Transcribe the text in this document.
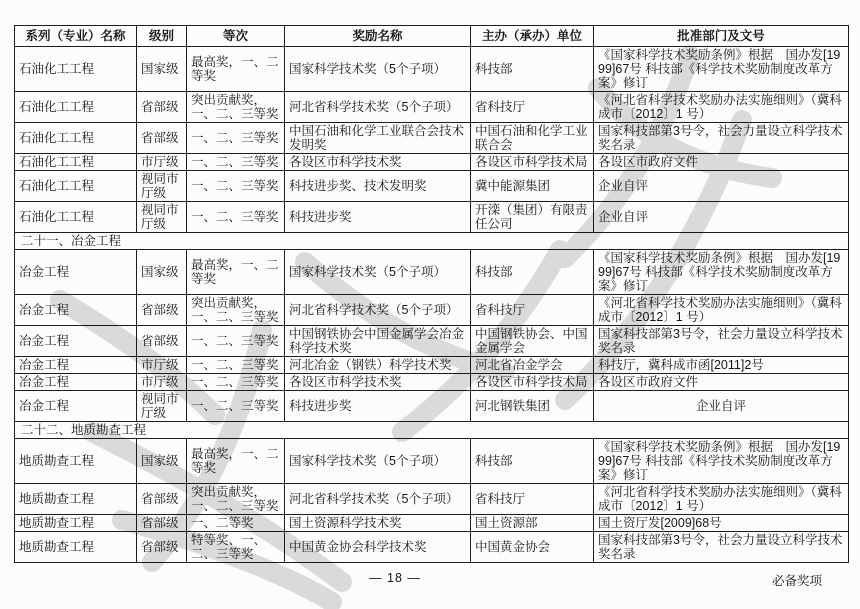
系列（专业）名称	级别	等次	奖励名称	主办（承办）单位	批准部门及文号
石油化工工程	国家级	最高奖，一、二等奖	国家科学技术奖（5个子项）	科技部	《国家科学技术奖励条例》根据　国办发[1999]67号 科技部《科学技术奖励制度改革方案》修订
石油化工工程	省部级	突出贡献奖，一、二、三等奖	河北省科学技术奖（5个子项）	省科技厅	《河北省科学技术奖励办法实施细则》（冀科成市〔2012〕1 号）
石油化工工程	省部级	一、二、三等奖	中国石油和化学工业联合会技术发明奖	中国石油和化学工业联合会	国家科技部第3号令，社会力量设立科学技术奖名录
石油化工工程	市厅级	一、二、三等奖	各设区市科学技术奖	各设区市科学技术局	各设区市政府文件
石油化工工程	视同市厅级	一、二、三等奖	科技进步奖、技术发明奖	冀中能源集团	企业自评
石油化工工程	视同市厅级	一、二、三等奖	科技进步奖	开滦（集团）有限责任公司	企业自评
二十一、冶金工程					
冶金工程	国家级	最高奖，一、二等奖	国家科学技术奖（5个子项）	科技部	《国家科学技术奖励条例》根据　国办发[1999]67号 科技部《科学技术奖励制度改革方案》修订
冶金工程	省部级	突出贡献奖，一、二、三等奖	河北省科学技术奖（5个子项）	省科技厅	《河北省科学技术奖励办法实施细则》（冀科成市〔2012〕1 号）
冶金工程	省部级	一、二、三等奖	中国钢铁协会中国金属学会冶金科学技术奖	中国钢铁协会、中国金属学会	国家科技部第3号令，社会力量设立科学技术奖名录
冶金工程	市厅级	一、二、三等奖	河北冶金（钢铁）科学技术奖	河北省冶金学会	科技厅，冀科成市函[2011]2号
冶金工程	市厅级	一、二、三等奖	各设区市科学技术奖	各设区市科学技术局	各设区市政府文件
冶金工程	视同市厅级	一、二、三等奖	科技进步奖	河北钢铁集团	企业自评
二十二、地质勘查工程					
地质勘查工程	国家级	最高奖，一、二等奖	国家科学技术奖（5个子项）	科技部	《国家科学技术奖励条例》根据　国办发[1999]67号 科技部《科学技术奖励制度改革方案》修订
地质勘查工程	省部级	突出贡献奖，一、二、三等奖	河北省科学技术奖（5个子项）	省科技厅	《河北省科学技术奖励办法实施细则》（冀科成市〔2012〕1 号）
地质勘查工程	省部级	一、二等奖	国土资源科学技术奖	国土资源部	国土资厅发[2009]68号
地质勘查工程	省部级	特等奖、一、二、三等奖	中国黄金协会科学技术奖	中国黄金协会	国家科技部第3号令，社会力量设立科学技术奖名录
— 18 —	必备奖项
